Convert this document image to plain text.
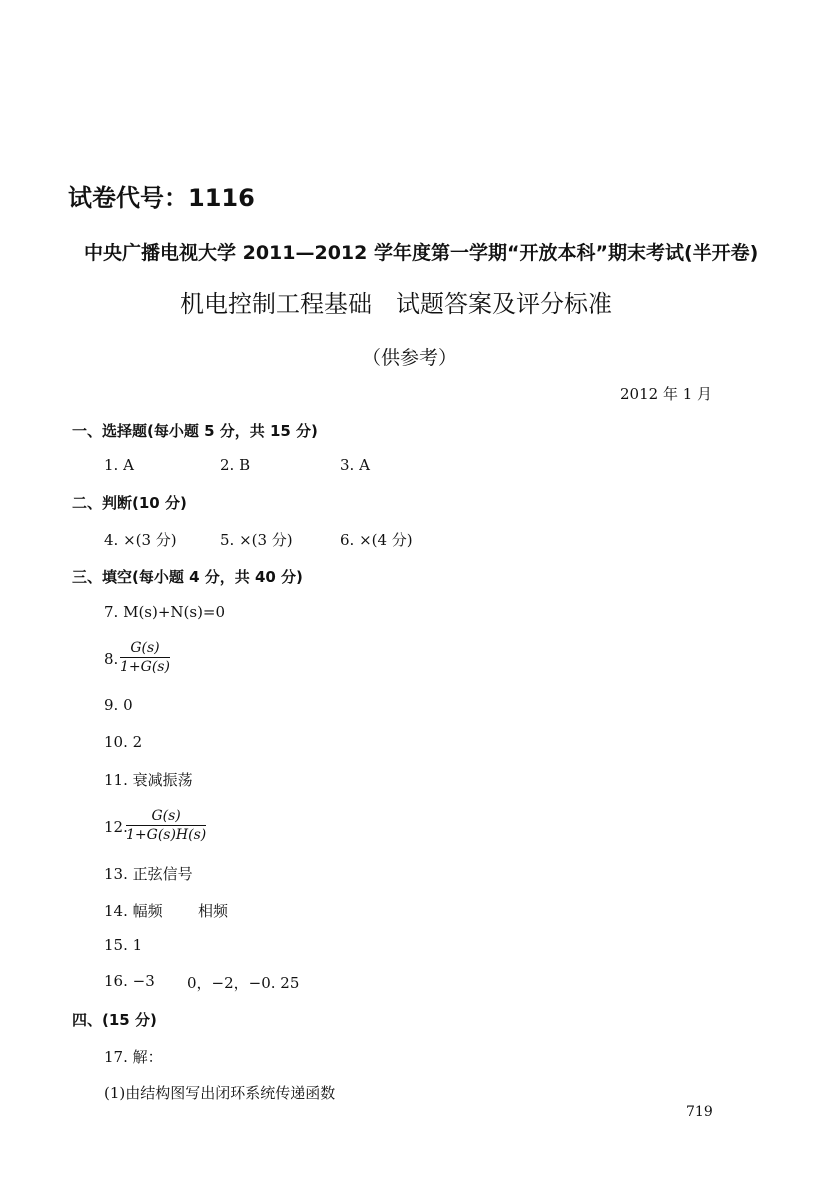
试卷代号：1116
中央广播电视大学 2011—2012 学年度第一学期“开放本科”期末考试(半开卷)
机电控制工程基础　试题答案及评分标准
（供参考）
2012 年 1 月
一、选择题(每小题 5 分，共 15 分)
1. A	2. B	3. A
二、判断(10 分)
4. ×(3 分)	5. ×(3 分)	6. ×(4 分)
三、填空(每小题 4 分，共 40 分)
7. M(s)+N(s)=0
8. $\frac{G(s)}{1+G(s)}$
9. 0
10. 2
11. 衰减振荡
12.
$\frac{G(s)}{1+G(s)H(s)}$
13. 正弦信号
14. 幅频 相频
15. 1
16. −3 0，−2，−0. 25
四、(15 分)
17. 解：
(1)由结构图写出闭环系统传递函数
719
